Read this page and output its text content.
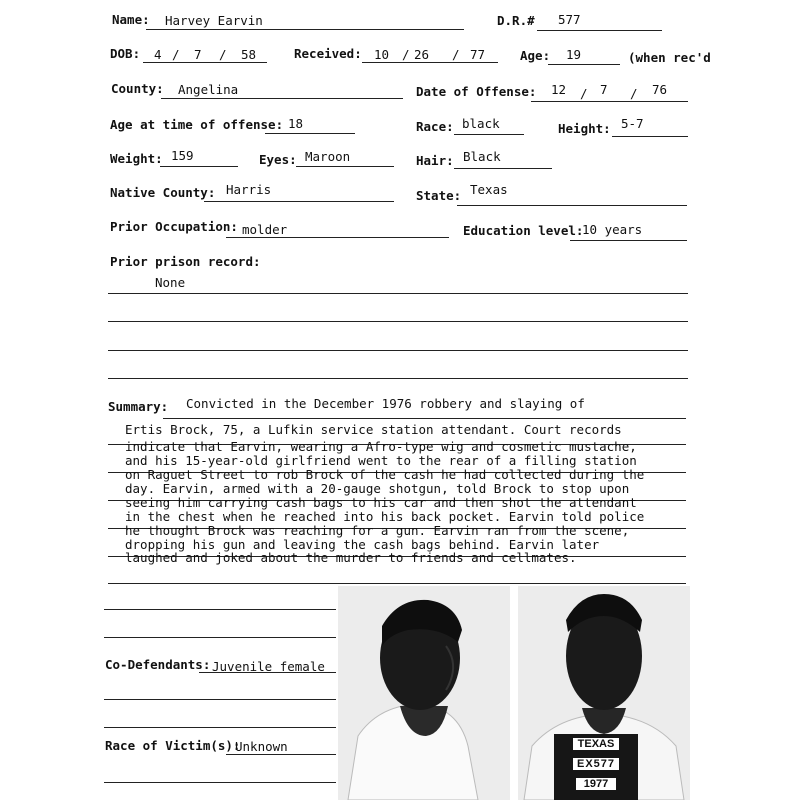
Name: Harvey Earvin	D.R.# 577
DOB: 4 / 7 / 58	Received: 10 / 26 / 77	Age: 19	(when rec'd
County: Angelina	Date of Offense: 12 / 7 / 76
Age at time of offense: 18	Race: black	Height: 5-7
Weight: 159	Eyes: Maroon	Hair: Black
Native County: Harris	State: Texas
Prior Occupation: molder	Education level:
10 years
Prior prison record:
None
Summary: Convicted in the December 1976 robbery and slaying of
Ertis Brock, 75, a Lufkin service station attendant. Court records
indicate that Earvin, wearing a Afro-type wig and cosmetic mustache,
and his 15-year-old girlfriend went to the rear of a filling station
on Raguet Street to rob Brock of the cash he had collected during the
day. Earvin, armed with a 20-gauge shotgun, told Brock to stop upon
seeing him carrying cash bags to his car and then shot the attendant
in the chest when he reached into his back pocket. Earvin told police
he thought Brock was reaching for a gun. Earvin ran from the scene,
dropping his gun and leaving the cash bags behind. Earvin later
laughed and joked about the murder to friends and cellmates.
Co-Defendants: Juvenile female
Race of Victim(s):
Unknown	TEXAS
EX577
1977
